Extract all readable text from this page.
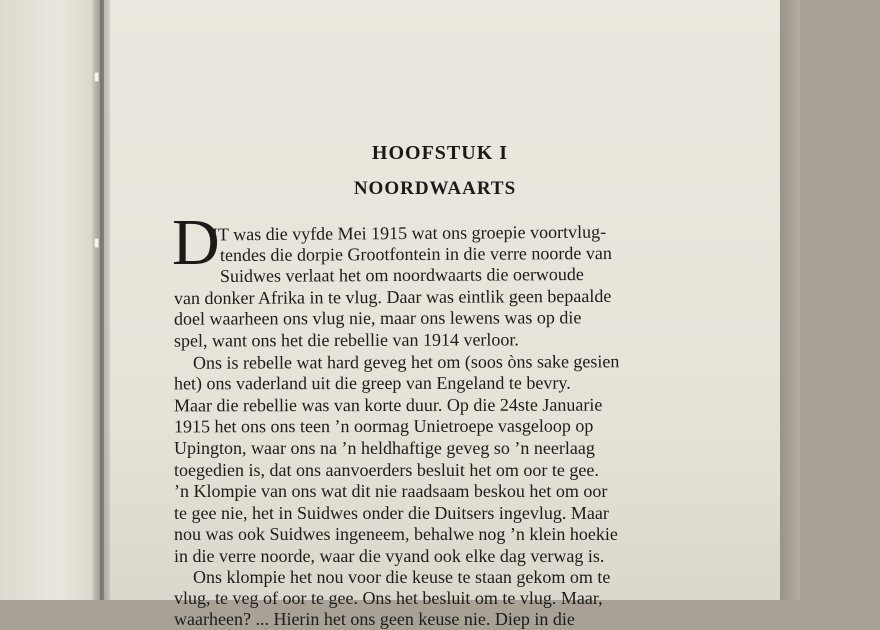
HOOFSTUK I
NOORDWAARTS
D
IT was die vyfde Mei 1915 wat ons groepie voortvlug-
tendes die dorpie Grootfontein in die verre noorde van
Suidwes verlaat het om noordwaarts die oerwoude
van donker Afrika in te vlug. Daar was eintlik geen bepaalde
doel waarheen ons vlug nie, maar ons lewens was op die
spel, want ons het die rebellie van 1914 verloor.
Ons is rebelle wat hard geveg het om (soos òns sake gesien
het) ons vaderland uit die greep van Engeland te bevry.
Maar die rebellie was van korte duur. Op die 24ste Januarie
1915 het ons ons teen ’n oormag Unietroepe vasgeloop op
Upington, waar ons na ’n heldhaftige geveg so ’n neerlaag
toegedien is, dat ons aanvoerders besluit het om oor te gee.
’n Klompie van ons wat dit nie raadsaam beskou het om oor
te gee nie, het in Suidwes onder die Duitsers ingevlug. Maar
nou was ook Suidwes ingeneem, behalwe nog ’n klein hoekie
in die verre noorde, waar die vyand ook elke dag verwag is.
Ons klompie het nou voor die keuse te staan gekom om te
vlug, te veg of oor te gee. Ons het besluit om te vlug. Maar,
waarheen? ... Hierin het ons geen keuse nie. Diep in die
